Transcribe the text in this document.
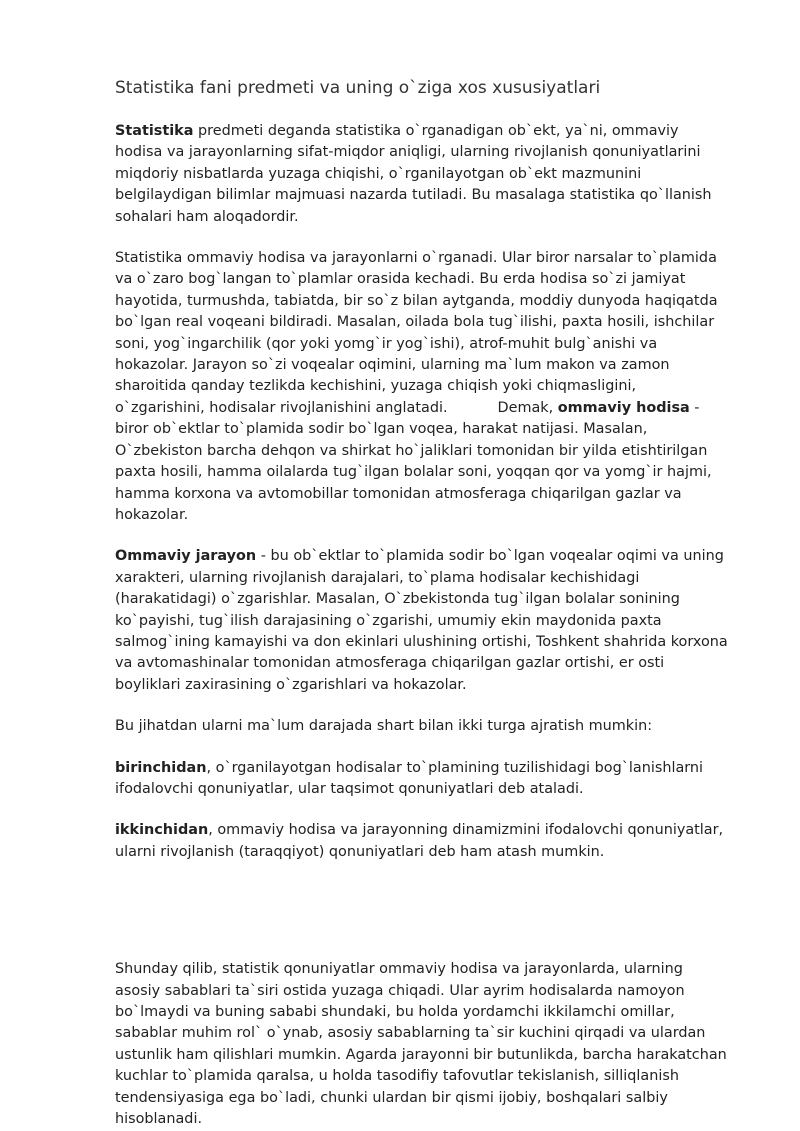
Statistika fani predmeti va uning o`ziga xos xususiyatlari

Statistika predmeti deganda statistika o`rganadigan ob`ekt, ya`ni, ommaviy hodisa va jarayonlarning sifat-miqdor aniqligi, ularning rivojlanish qonuniyatlarini miqdoriy nisbatlarda yuzaga chiqishi, o`rganilayotgan ob`ekt mazmunini belgilaydigan bilimlar majmuasi nazarda tutiladi. Bu masalaga statistika qo`llanish sohalari ham aloqadordir.

Statistika ommaviy hodisa va jarayonlarni o`rganadi. Ular biror narsalar to`plamida va o`zaro bog`langan to`plamlar orasida kechadi. Bu erda hodisa so`zi jamiyat hayotida, turmushda, tabiatda, bir so`z bilan aytganda, moddiy dunyoda haqiqatda bo`lgan real voqeani bildiradi. Masalan, oilada bola tug`ilishi, paxta hosili, ishchilar soni, yog`ingarchilik (qor yoki yomg`ir yog`ishi), atrof-muhit bulg`anishi va hokazolar. Jarayon so`zi voqealar oqimini, ularning ma`lum makon va zamon sharoitida qanday tezlikda kechishini, yuzaga chiqish yoki chiqmasligini, o`zgarishini, hodisalar rivojlanishini anglatadi.	Demak, ommaviy hodisa - biror ob`ektlar to`plamida sodir bo`lgan voqea, harakat natijasi. Masalan, O`zbekiston barcha dehqon va shirkat ho`jaliklari tomonidan bir yilda etishtirilgan paxta hosili, hamma oilalarda tug`ilgan bolalar soni, yoqqan qor va yomg`ir hajmi, hamma korxona va avtomobillar tomonidan atmosferaga chiqarilgan gazlar va hokazolar.

Ommaviy jarayon - bu ob`ektlar to`plamida sodir bo`lgan voqealar oqimi va uning xarakteri, ularning rivojlanish darajalari, to`plama hodisalar kechishidagi (harakatidagi) o`zgarishlar. Masalan, O`zbekistonda tug`ilgan bolalar sonining ko`payishi, tug`ilish darajasining o`zgarishi, umumiy ekin maydonida paxta salmog`ining kamayishi va don ekinlari ulushining ortishi, Toshkent shahrida korxona va avtomashinalar tomonidan atmosferaga chiqarilgan gazlar ortishi, er osti boyliklari zaxirasining o`zgarishlari va hokazolar.

Bu jihatdan ularni ma`lum darajada shart bilan ikki turga ajratish mumkin:

birinchidan, o`rganilayotgan hodisalar to`plamining tuzilishidagi bog`lanishlarni ifodalovchi qonuniyatlar, ular taqsimot qonuniyatlari deb ataladi.

ikkinchidan, ommaviy hodisa va jarayonning dinamizmini ifodalovchi qonuniyatlar, ularni rivojlanish (taraqqiyot) qonuniyatlari deb ham atash mumkin.

Shunday qilib, statistik qonuniyatlar ommaviy hodisa va jarayonlarda, ularning asosiy sabablari ta`siri ostida yuzaga chiqadi. Ular ayrim hodisalarda namoyon bo`lmaydi va buning sababi shundaki, bu holda yordamchi ikkilamchi omillar, sabablar muhim rol` o`ynab, asosiy sabablarning ta`sir kuchini qirqadi va ulardan ustunlik ham qilishlari mumkin. Agarda jarayonni bir butunlikda, barcha harakatchan kuchlar to`plamida qaralsa, u holda tasodifiy tafovutlar tekislanish, silliqlanish tendensiyasiga ega bo`ladi, chunki ulardan bir qismi ijobiy, boshqalari salbiy hisoblanadi.
